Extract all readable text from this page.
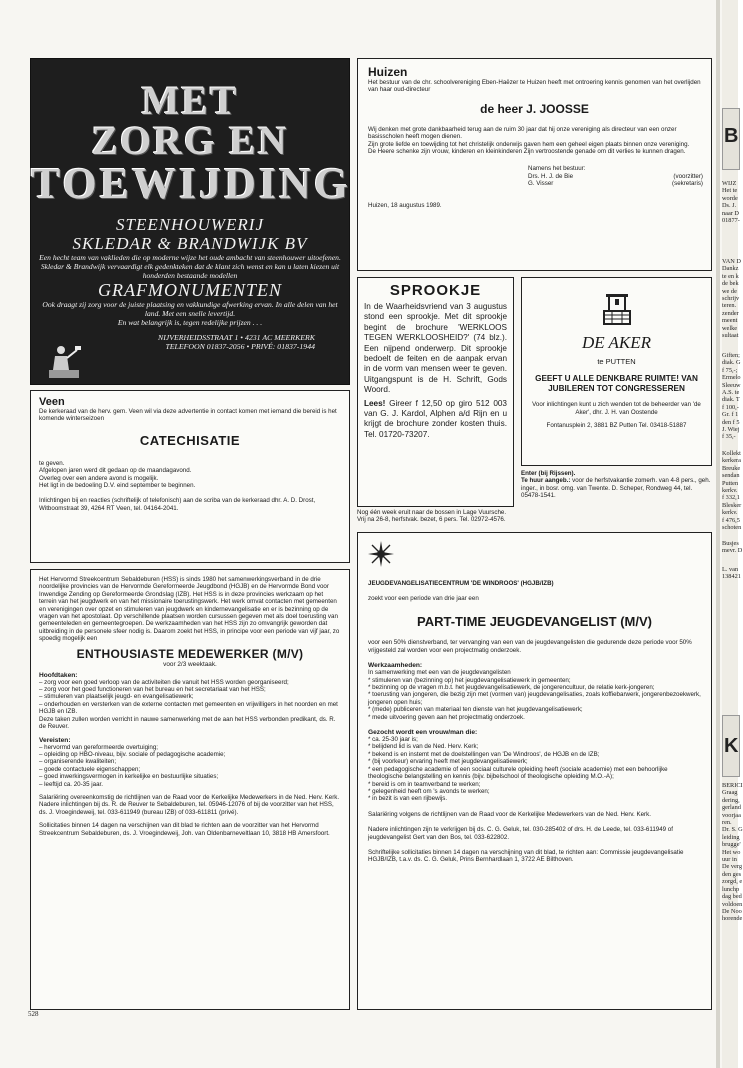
MET
ZORG EN
TOEWIJDING
STEENHOUWERIJ
SKLEDAR & BRANDWIJK BV
Een hecht team van vaklieden die op moderne wijze het oude ambacht van steenhouwer uitoefenen.
Skledar & Brandwijk vervaardigt elk gedenkteken dat de klant zich wenst en kan u laten kiezen uit honderden bestaande modellen
GRAFMONUMENTEN
Ook draagt zij zorg voor de juiste plaatsing en vakkundige afwerking ervan. In alle delen van het land. Met een snelle levertijd.
En wat belangrijk is, tegen redelijke prijzen . . .
NIJVERHEIDSSTRAAT 1 • 4231 AC MEERKERK
TELEFOON 01837-2056 • PRIVÉ: 01837-1944
Huizen

Het bestuur van de chr. schoolvereniging Eben-Haëzer te Huizen heeft met ontroering kennis genomen van het overlijden van haar oud-directeur

de heer J. JOOSSE

Wij denken met grote dankbaarheid terug aan de ruim 30 jaar dat hij onze vereniging als directeur van een onzer basisscholen heeft mogen dienen.

Zijn grote liefde en toewijding tot het christelijk onderwijs gaven hem een geheel eigen plaats binnen onze vereniging.

De Heere schenke zijn vrouw, kinderen en kleinkinderen Zijn vertroostende genade om dit verlies te kunnen dragen.

Namens het bestuur:

Drs. H. J. de Bie	(voorzitter)
G. Visser	(sekretaris)

Huizen, 18 augustus 1989.

SPROOKJE
In de Waarheidsvriend van 3 augustus stond een sprookje. Met dit sprookje begint de brochure 'WERKLOOS TEGEN WERKLOOSHEID?' (74 blz.). Een nijpend onderwerp. Dit sprookje bedoelt de feiten en de aanpak ervan in de vorm van mensen weer te geven. Uitgangspunt is de H. Schrift, Gods Woord.
Lees! Gireer f 12,50 op giro 512 003 van G. J. Kardol, Alphen a/d Rijn en u krijgt de brochure zonder kosten thuis. Tel. 01720-73207.

Nog één week eruit naar de bossen in Lage Vuursche. Vrij na 26-8, herfstvak. bezet, 6 pers. Tel. 02972-4576.

DE AKER
te PUTTEN
GEEFT U ALLE DENKBARE RUIMTE! VAN JUBILEREN TOT CONGRESSEREN

Voor inlichtingen kunt u zich wenden tot de beheerder van 'de Aker', dhr. J. H. van Oostende

Fontanusplein 2, 3881 BZ Putten Tel. 03418-51887

Enter (bij Rijssen).

Te huur aangeb.: voor de herfstvakantie zomerh. van 4-8 pers., geh. inger., in bosr. omg. van Twente. D. Scheper, Rondweg 44, tel. 05478-1541.

Veen

De kerkeraad van de herv. gem. Veen wil via deze advertentie in contact komen met iemand die bereid is het komende winterseizoen

CATECHISATIE

te geven.

Afgelopen jaren werd dit gedaan op de maandagavond.

Overleg over een andere avond is mogelijk.

Het ligt in de bedoeling D.V. eind september te beginnen.

Inlichtingen bij en reacties (schriftelijk of telefonisch) aan de scriba van de kerkeraad dhr. A. D. Drost, Witboomstraat 39, 4264 RT Veen, tel. 04164-2041.

Het Hervormd Streekcentrum Sebaldeburen (HSS) is sinds 1980 het samenwerkingsverband in de drie noordelijke provincies van de Hervormde Gereformeerde Jeugdbond (HGJB) en de Hervormde Bond voor Inwendige Zending op Gereformeerde Grondslag (IZB). Het HSS is in deze provincies werkzaam op het terrein van het jeugdwerk en van het missionaire toerustingswerk. Het werk omvat contacten met gemeenten en verenigingen over opzet en stimuleren van jeugdwerk en kindernevangelisatie en er is bezinning op de vragen van het apostolaat. Op verschillende plaatsen worden cursussen gegeven met als doel toerusting van gemeenteleden en gemeentegroepen. De werkzaamheden van het HSS zijn zo omvangrijk geworden dat uitbreiding in de personele sfeer nodig is. Daarom zoekt het HSS, in principe voor een periode van vijf jaar, zo spoedig mogelijk een

ENTHOUSIASTE MEDEWERKER (M/V)
voor 2/3 weektaak.
Hoofdtaken:

– zorg voor een goed verloop van de activiteiten die vanuit het HSS worden georganiseerd;

– zorg voor het goed functioneren van het bureau en het secretariaat van het HSS;

– stimuleren van plaatselijk jeugd- en evangelisatiewerk;

– onderhouden en versterken van de externe contacten met gemeenten en vrijwilligers in het noorden en met HGJB en IZB.

Deze taken zullen worden verricht in nauwe samenwerking met de aan het HSS verbonden predikant, ds. R. de Reuver.

Vereisten:

– hervormd van gereformeerde overtuiging;

– opleiding op HBO-niveau, bijv. sociale of pedagogische academie;

– organiserende kwaliteiten;

– goede contactuele eigenschappen;

– goed inwerkingsvermogen in kerkelijke en bestuurlijke situaties;

– leeftijd ca. 20-35 jaar.

Salariëring overeenkomstig de richtlijnen van de Raad voor de Kerkelijke Medewerkers in de Ned. Herv. Kerk.

Nadere inlichtingen bij ds. R. de Reuver te Sebaldeburen, tel. 05946-12076 of bij de voorzitter van het HSS, ds. J. Vroegindeweij, tel. 033-611949 (bureau IZB) of 033-611811 (privé).

Sollicitaties binnen 14 dagen na verschijnen van dit blad te richten aan de voorzitter van het Hervormd Streekcentrum Sebaldeburen, ds. J. Vroegindeweij, Joh. van Oldenbarneveltlaan 10, 3818 HB Amersfoort.

JEUGDEVANGELISATIECENTRUM 'DE WINDROOS' (HGJB/IZB)

zoekt voor een periode van drie jaar een

PART-TIME JEUGDEVANGELIST (M/V)

voor een 50% dienstverband, ter vervanging van een van de jeugdevangelisten die gedurende deze periode voor 50% vrijgesteld zal worden voor een projectmatig onderzoek.

Werkzaamheden:

In samenwerking met een van de jeugdevangelisten

* stimuleren van (bezinning op) het jeugdevangelisatiewerk in gemeenten;

* bezinning op de vragen m.b.t. het jeugdevangelisatiewerk, de jongerencultuur, de relatie kerk-jongeren;

* toerusting van jongeren, die bezig zijn met (vormen van) jeugdevangelisaties, zoals koffiebarwerk, jongerenbezoekwerk, jongeren open huis;

* (mede) publiceren van materiaal ten dienste van het jeugdevangelisatiewerk;

* mede uitvoering geven aan het projectmatig onderzoek.

Gezocht wordt een vrouw/man die:

* ca. 25-30 jaar is;

* belijdend lid is van de Ned. Herv. Kerk;

* bekend is en instemt met de doelstellingen van 'De Windroos', de HGJB en de IZB;

* (bij voorkeur) ervaring heeft met jeugdevangelisatiewerk;

* een pedagogische academie of een sociaal culturele opleiding heeft (sociale academie) met een behoorlijke theologische belangstelling en kennis (bijv. bijbelschool of theologische opleiding M.O.-A);

* bereid is om in teamverband te werken;

* gelegenheid heeft om 's avonds te werken;

* in bezit is van een rijbewijs.

Salariëring volgens de richtlijnen van de Raad voor de Kerkelijke Medewerkers van de Ned. Herv. Kerk.

Nadere inlichtingen zijn te verkrijgen bij ds. C. G. Geluk, tel. 030-285402 of drs. H. de Leede, tel. 033-611949 of jeugdevangelist Gert van den Bos, tel. 033-622802.

Schriftelijke sollicitaties binnen 14 dagen na verschijning van dit blad, te richten aan: Commissie jeugdevangelisatie HGJB/IZB, t.a.v. ds. C. G. Geluk, Prins Bernhardlaan 1, 3722 AE Bilthoven.

528
B
WIJZ
Het te
worde
Ds. J.
naar D
01877-
VAN D
Dankz
te en k
de bek
we de
schrijv
teren.
zender
meent
welke
sultaat
Giften;
diak. G
f 75,-;
Ermelo
Sleeuw
A.S. te
diak. T
f 100,-
Gr. f 1
den f 5
J. Wiej
f 35,-
Kollekt
kerkera
Breuke
sendan
Putten
kerkv.
f 332,1
Blesker
kerkv.
f 476,5
schoten
Busjes
mevr. D
L. van
138421
K
BERICI
Graag
dering,
gerland
voorjaa
ren.
Dr. S. G
leiding
brugge'
Het wo
uur in
De verg
den ges
zorgd, e
lunchp
dag bed
voldoen
De Noo
horende
